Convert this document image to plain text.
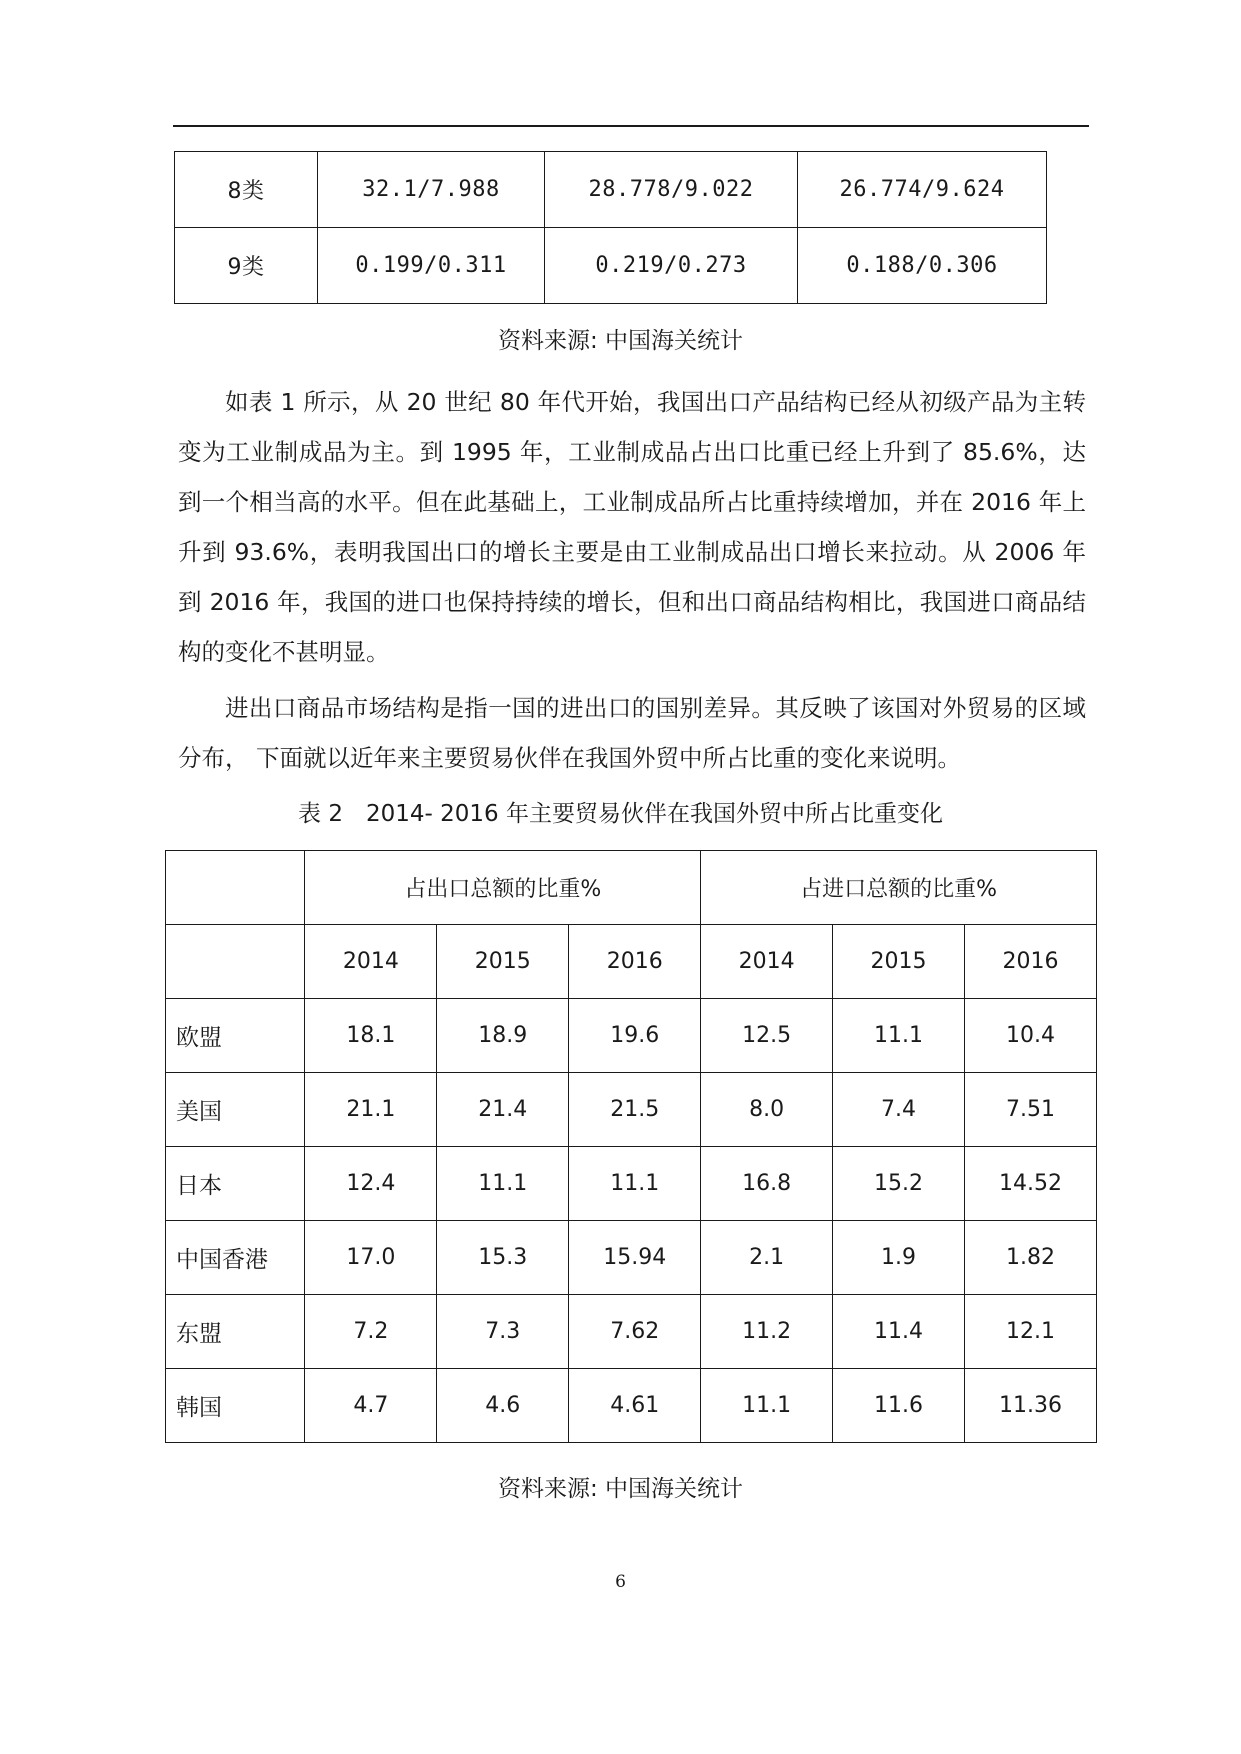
8类	32.1/7.988	28.778/9.022	26.774/9.624
9类	0.199/0.311	0.219/0.273	0.188/0.306
资料来源: 中国海关统计

如表 1 所示，从 20 世纪 80 年代开始，我国出口产品结构已经从初级产品为主转变为工业制成品为主。到 1995 年，工业制成品占出口比重已经上升到了 85.6%，达到一个相当高的水平。但在此基础上，工业制成品所占比重持续增加，并在 2016 年上升到 93.6%，表明我国出口的增长主要是由工业制成品出口增长来拉动。从 2006 年到 2016 年，我国的进口也保持持续的增长，但和出口商品结构相比，我国进口商品结构的变化不甚明显。

进出口商品市场结构是指一国的进出口的国别差异。其反映了该国对外贸易的区域分布， 下面就以近年来主要贸易伙伴在我国外贸中所占比重的变化来说明。

表 2　2014- 2016 年主要贸易伙伴在我国外贸中所占比重变化
	占出口总额的比重%			占进口总额的比重%		
	2014	2015	2016	2014	2015	2016
欧盟	18.1	18.9	19.6	12.5	11.1	10.4
美国	21.1	21.4	21.5	8.0	7.4	7.51
日本	12.4	11.1	11.1	16.8	15.2	14.52
中国香港	17.0	15.3	15.94	2.1	1.9	1.82
东盟	7.2	7.3	7.62	11.2	11.4	12.1
韩国	4.7	4.6	4.61	11.1	11.6	11.36
资料来源: 中国海关统计
6
